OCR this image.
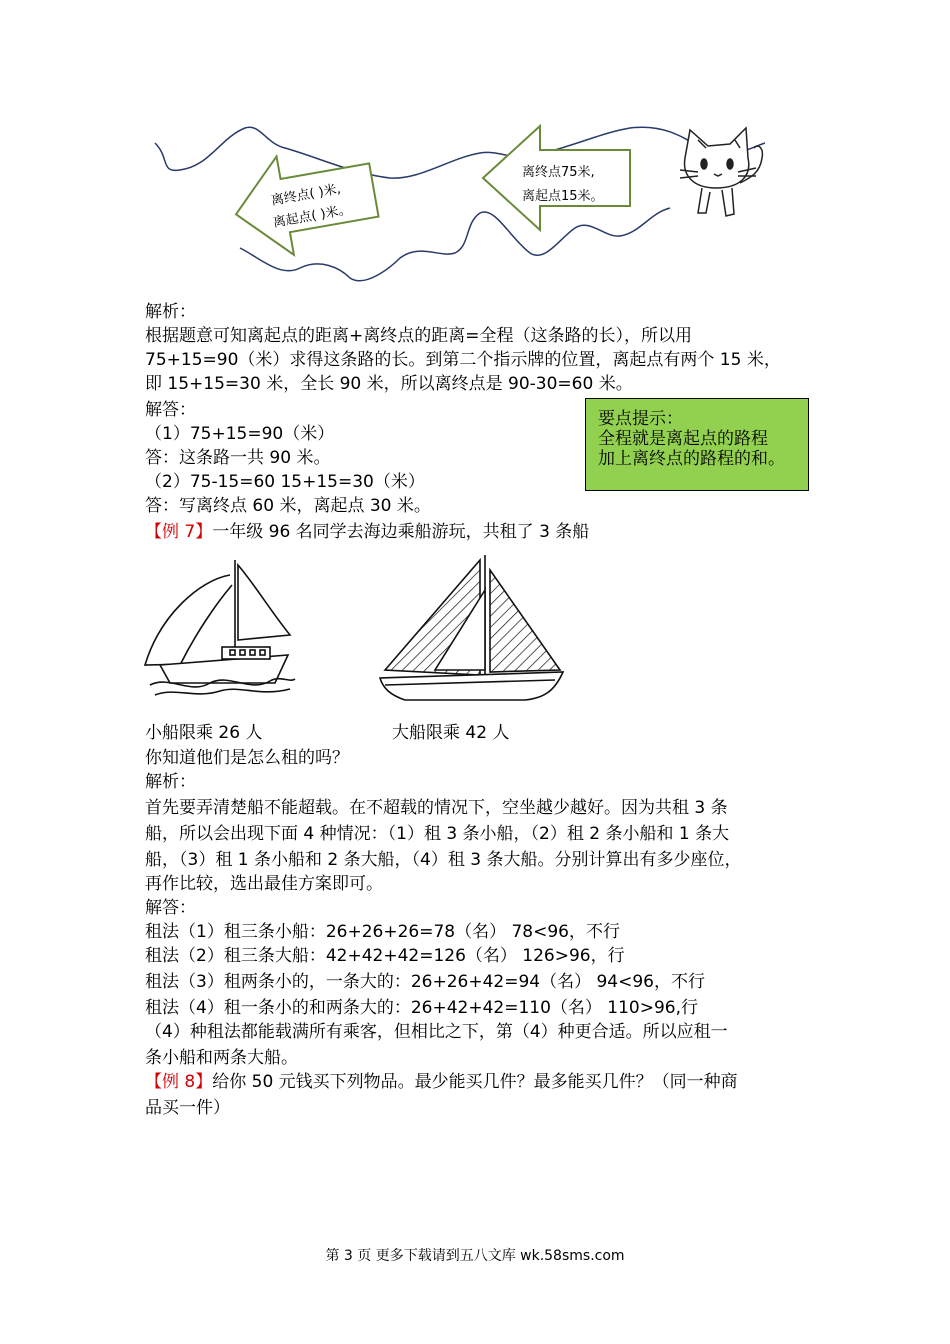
离终点( )米,
离起点( )米。
离终点75米,
离起点15米。
解析：
根据题意可知离起点的距离+离终点的距离=全程（这条路的长），所以用
75+15=90（米）求得这条路的长。到第二个指示牌的位置，离起点有两个 15 米，
即 15+15=30 米，全长 90 米，所以离终点是 90-30=60 米。
解答：
（1）75+15=90（米）
答：这条路一共 90 米。
（2）75-15=60 15+15=30（米）
答：写离终点 60 米，离起点 30 米。
要点提示：
全程就是离起点的路程
加上离终点的路程的和。
【例 7】一年级 96 名同学去海边乘船游玩，共租了 3 条船
小船限乘 26 人	大船限乘 42 人
你知道他们是怎么租的吗？
解析：
首先要弄清楚船不能超载。在不超载的情况下，空坐越少越好。因为共租 3 条
船，所以会出现下面 4 种情况：（1）租 3 条小船，（2）租 2 条小船和 1 条大
船，（3）租 1 条小船和 2 条大船，（4）租 3 条大船。分别计算出有多少座位，
再作比较，选出最佳方案即可。
解答：
租法（1）租三条小船：26+26+26=78（名） 78<96，不行
租法（2）租三条大船：42+42+42=126（名） 126>96，行
租法（3）租两条小的，一条大的：26+26+42=94（名） 94<96，不行
租法（4）租一条小的和两条大的：26+42+42=110（名） 110>96,行
（4）种租法都能载满所有乘客，但相比之下，第（4）种更合适。所以应租一
条小船和两条大船。
【例 8】给你 50 元钱买下列物品。最少能买几件？最多能买几件？（同一种商
品买一件）
第 3 页 更多下载请到五八文库 wk.58sms.com
